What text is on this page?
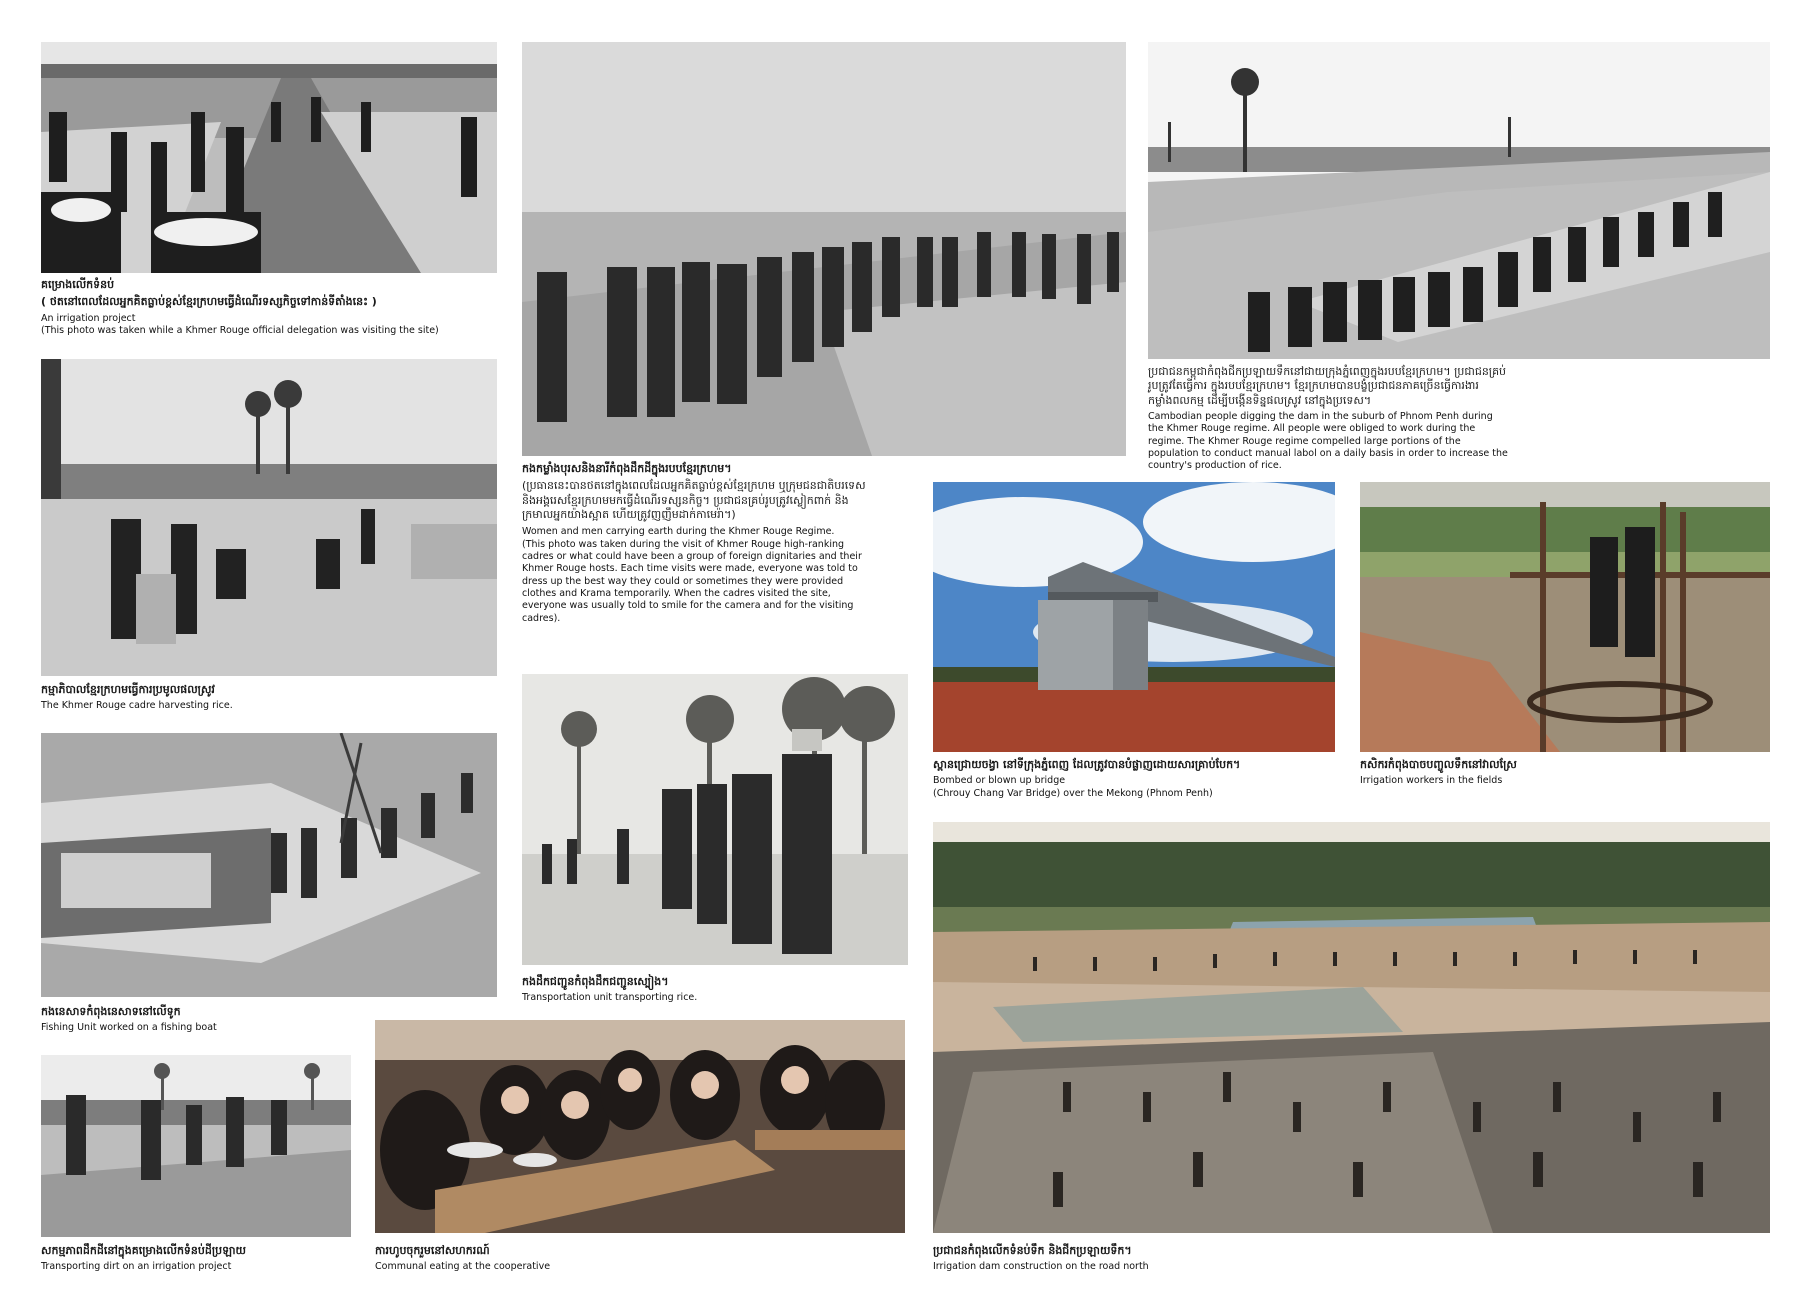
គម្រោងលើកទំនប់
( ថតនៅពេលដែលអ្នកគិតធ្លាប់ខ្ពស់ខ្មែរក្រហមធ្វើដំណើរទស្សកិច្ចទៅកាន់ទីតាំងនេះ )
An irrigation project
(This photo was taken while a Khmer Rouge official delegation was visiting the site)
កងកម្លាំងបុរសនិងនារីកំពុងដឹកដីក្នុងរបបខ្មែរក្រហម។
(ប្រធាននេះបានថតនៅក្នុងពេលដែលអ្នកគិតធ្លាប់ខ្ពស់ខ្មែរក្រហម ឬក្រុមជនជាតិបរទេស និងអង្គរេសខ្មែរក្រហមមកធ្វើដំណើរទស្សនកិច្ច។ ប្រជាជនគ្រប់រូបត្រូវស្លៀកពាក់ និងក្រមាលអ្នកយ៉ាងស្អាត ហើយត្រូវញញឹមដាក់កាមេរ៉ា។)
Women and men carrying earth during the Khmer Rouge Regime.
(This photo was taken during the visit of Khmer Rouge high-ranking cadres or what could have been a group of foreign dignitaries and their Khmer Rouge hosts. Each time visits were made, everyone was told to dress up the best way they could or sometimes they were provided clothes and Krama temporarily. When the cadres visited the site, everyone was usually told to smile for the camera and for the visiting cadres).
ប្រជាជនកម្ពុជាកំពុងជីកប្រឡាយទឹកនៅជាយក្រុងភ្នំពេញក្នុងរបបខ្មែរក្រហម។ ប្រជាជនគ្រប់រូបត្រូវតែធ្វើការ ក្នុងរបបខ្មែរក្រហម។ ខ្មែរក្រហមបានបង្ខំប្រជាជនភាគច្រើនធ្វើការងារកម្លាំងពលកម្ម ដើម្បីបង្កើនទិន្នផលស្រូវ នៅក្នុងប្រទេស។
Cambodian people digging the dam in the suburb of Phnom Penh during the Khmer Rouge regime. All people were obliged to work during the regime. The Khmer Rouge regime compelled large portions of the population to conduct manual labol on a daily basis in order to increase the country's production of rice.
កម្មាភិបាលខ្មែរក្រហមធ្វើការប្រមូលផលស្រូវ
The Khmer Rouge cadre harvesting rice.
ស្ពានជ្រោយចង្វា នៅទីក្រុងភ្នំពេញ ដែលត្រូវបានបំផ្លាញដោយសារគ្រាប់បែក។
Bombed or blown up bridge
(Chrouy Chang Var Bridge) over the Mekong (Phnom Penh)
កសិករកំពុងបាចបញ្ចូលទឹកនៅវាលស្រែ
Irrigation workers in the fields
កងនេសាទកំពុងនេសាទនៅលើទូក
Fishing Unit worked on a fishing boat
កងដឹកជញ្ជូនកំពុងដឹកជញ្ជូនស្បៀង។
Transportation unit transporting rice.
សកម្មភាពដឹកដីនៅក្នុងគម្រោងលើកទំនប់ដីប្រឡាយ
Transporting dirt on an irrigation project
ការហូបចុករួមនៅសហករណ៍
Communal eating at the cooperative
ប្រជាជនកំពុងលើកទំនប់ទឹក និងជីកប្រឡាយទឹក។
Irrigation dam construction on the road north
